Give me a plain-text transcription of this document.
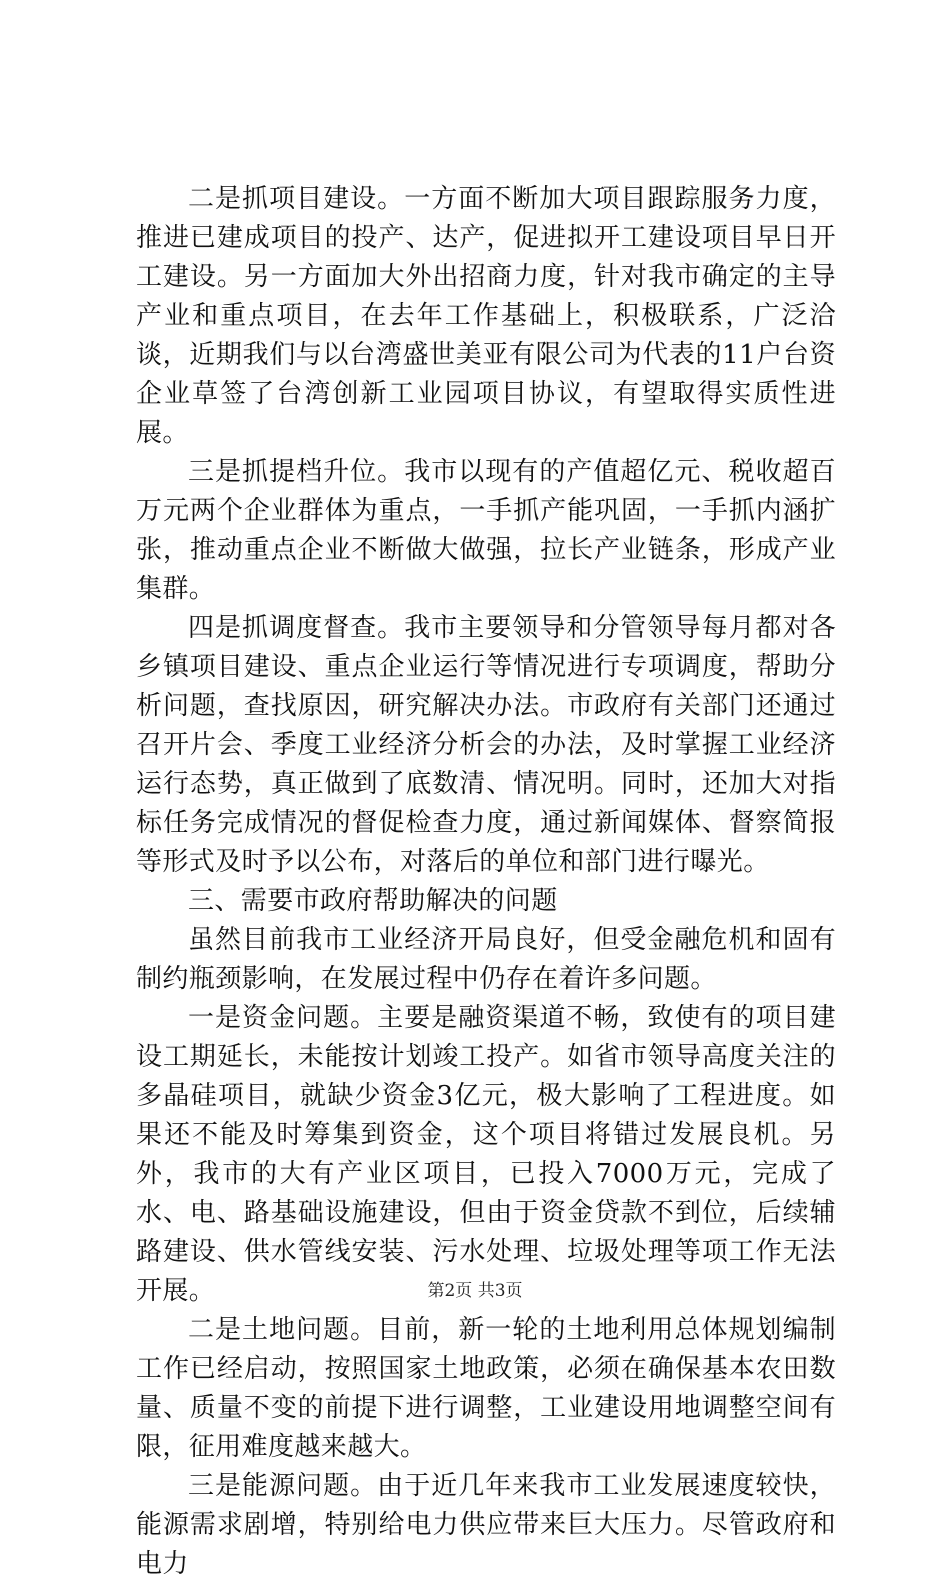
二是抓项目建设。一方面不断加大项目跟踪服务力度，推进已建成项目的投产、达产，促进拟开工建设项目早日开工建设。另一方面加大外出招商力度，针对我市确定的主导产业和重点项目，在去年工作基础上，积极联系，广泛洽谈，近期我们与以台湾盛世美亚有限公司为代表的11户台资企业草签了台湾创新工业园项目协议，有望取得实质性进展。

三是抓提档升位。我市以现有的产值超亿元、税收超百万元两个企业群体为重点，一手抓产能巩固，一手抓内涵扩张，推动重点企业不断做大做强，拉长产业链条，形成产业集群。

四是抓调度督查。我市主要领导和分管领导每月都对各乡镇项目建设、重点企业运行等情况进行专项调度，帮助分析问题，查找原因，研究解决办法。市政府有关部门还通过召开片会、季度工业经济分析会的办法，及时掌握工业经济运行态势，真正做到了底数清、情况明。同时，还加大对指标任务完成情况的督促检查力度，通过新闻媒体、督察简报等形式及时予以公布，对落后的单位和部门进行曝光。

三、需要市政府帮助解决的问题

虽然目前我市工业经济开局良好，但受金融危机和固有制约瓶颈影响，在发展过程中仍存在着许多问题。

一是资金问题。主要是融资渠道不畅，致使有的项目建设工期延长，未能按计划竣工投产。如省市领导高度关注的多晶硅项目，就缺少资金3亿元，极大影响了工程进度。如果还不能及时筹集到资金，这个项目将错过发展良机。另外，我市的大有产业区项目，已投入7000万元，完成了水、电、路基础设施建设，但由于资金贷款不到位，后续辅路建设、供水管线安装、污水处理、垃圾处理等项工作无法开展。

二是土地问题。目前，新一轮的土地利用总体规划编制工作已经启动，按照国家土地政策，必须在确保基本农田数量、质量不变的前提下进行调整，工业建设用地调整空间有限，征用难度越来越大。

三是能源问题。由于近几年来我市工业发展速度较快，能源需求剧增，特别给电力供应带来巨大压力。尽管政府和电力

第2页 共3页
